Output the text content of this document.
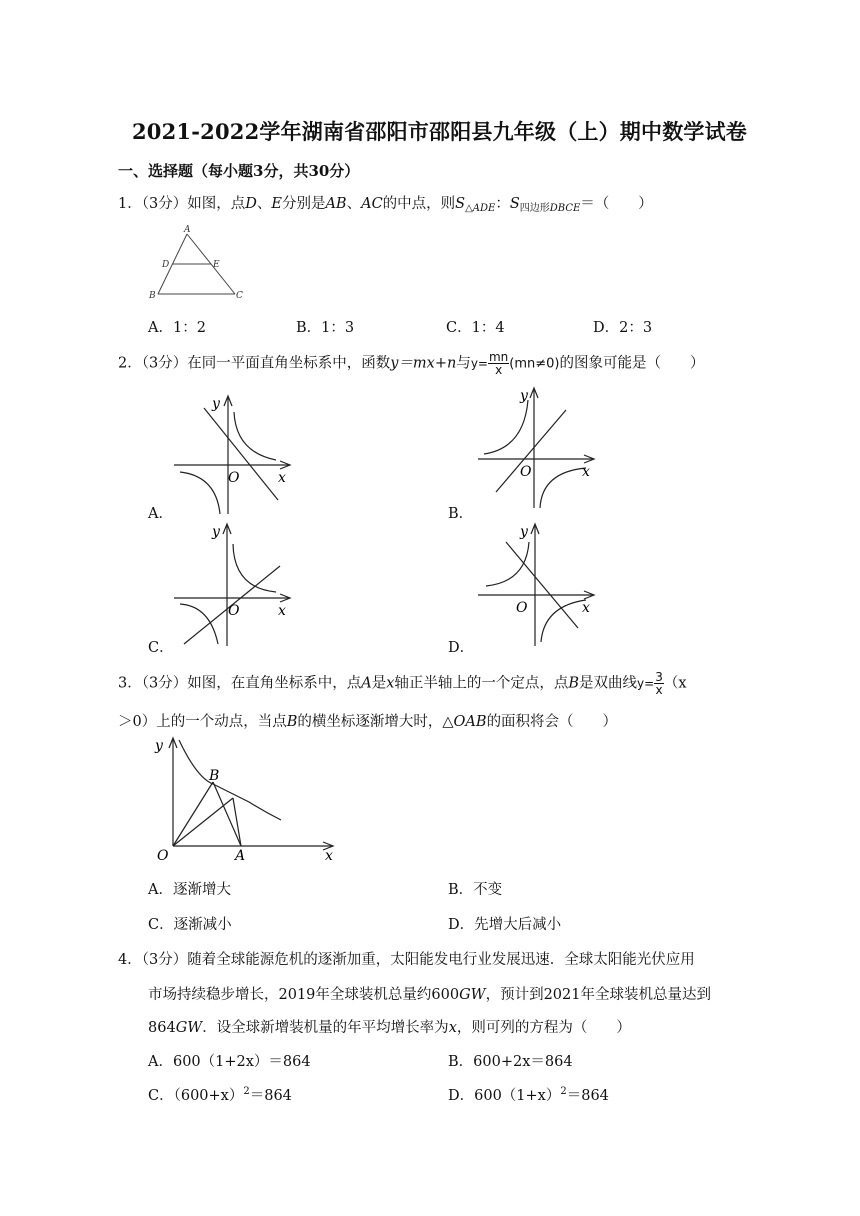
2021-2022学年湖南省邵阳市邵阳县九年级（上）期中数学试卷
一、选择题（每小题3分，共30分）
1．（3分）如图，点D、E分别是AB、AC的中点，则$S_{\triangle ADE}$：$S_{四边形DBCE}=$（　　）
A
D	E
B	C
A．1：2	B．1：3	C．1：4	D．2：3
2．（3分）在同一平面直角坐标系中，函数y＝mx+n与$y= \frac{mn}{x} (mn\ne 0)$的图象可能是（　　）
y
x
O
A．
y
x
O
B．
y
x
O
C．
y
x
O
D．
3．（3分）如图，在直角坐标系中，点A是x轴正半轴上的一个定点，点B是双曲线$y= \frac{3}{x} (x$
＞0）上的一个动点，当点B的横坐标逐渐增大时，△OAB的面积将会（　　）
y
B
O	A	x
A．逐渐增大	B．不变
C．逐渐减小	D．先增大后减小
4．（3分）随着全球能源危机的逐渐加重，太阳能发电行业发展迅速．全球太阳能光伏应用
市场持续稳步增长，2019年全球装机总量约600GW，预计到2021年全球装机总量达到
864GW．设全球新增装机量的年平均增长率为x，则可列的方程为（　　）
A．600（1+2x）＝864	B．600+2x＝864
C．$(600+x)^2=864$	D．$600(1+x)^2=864$
